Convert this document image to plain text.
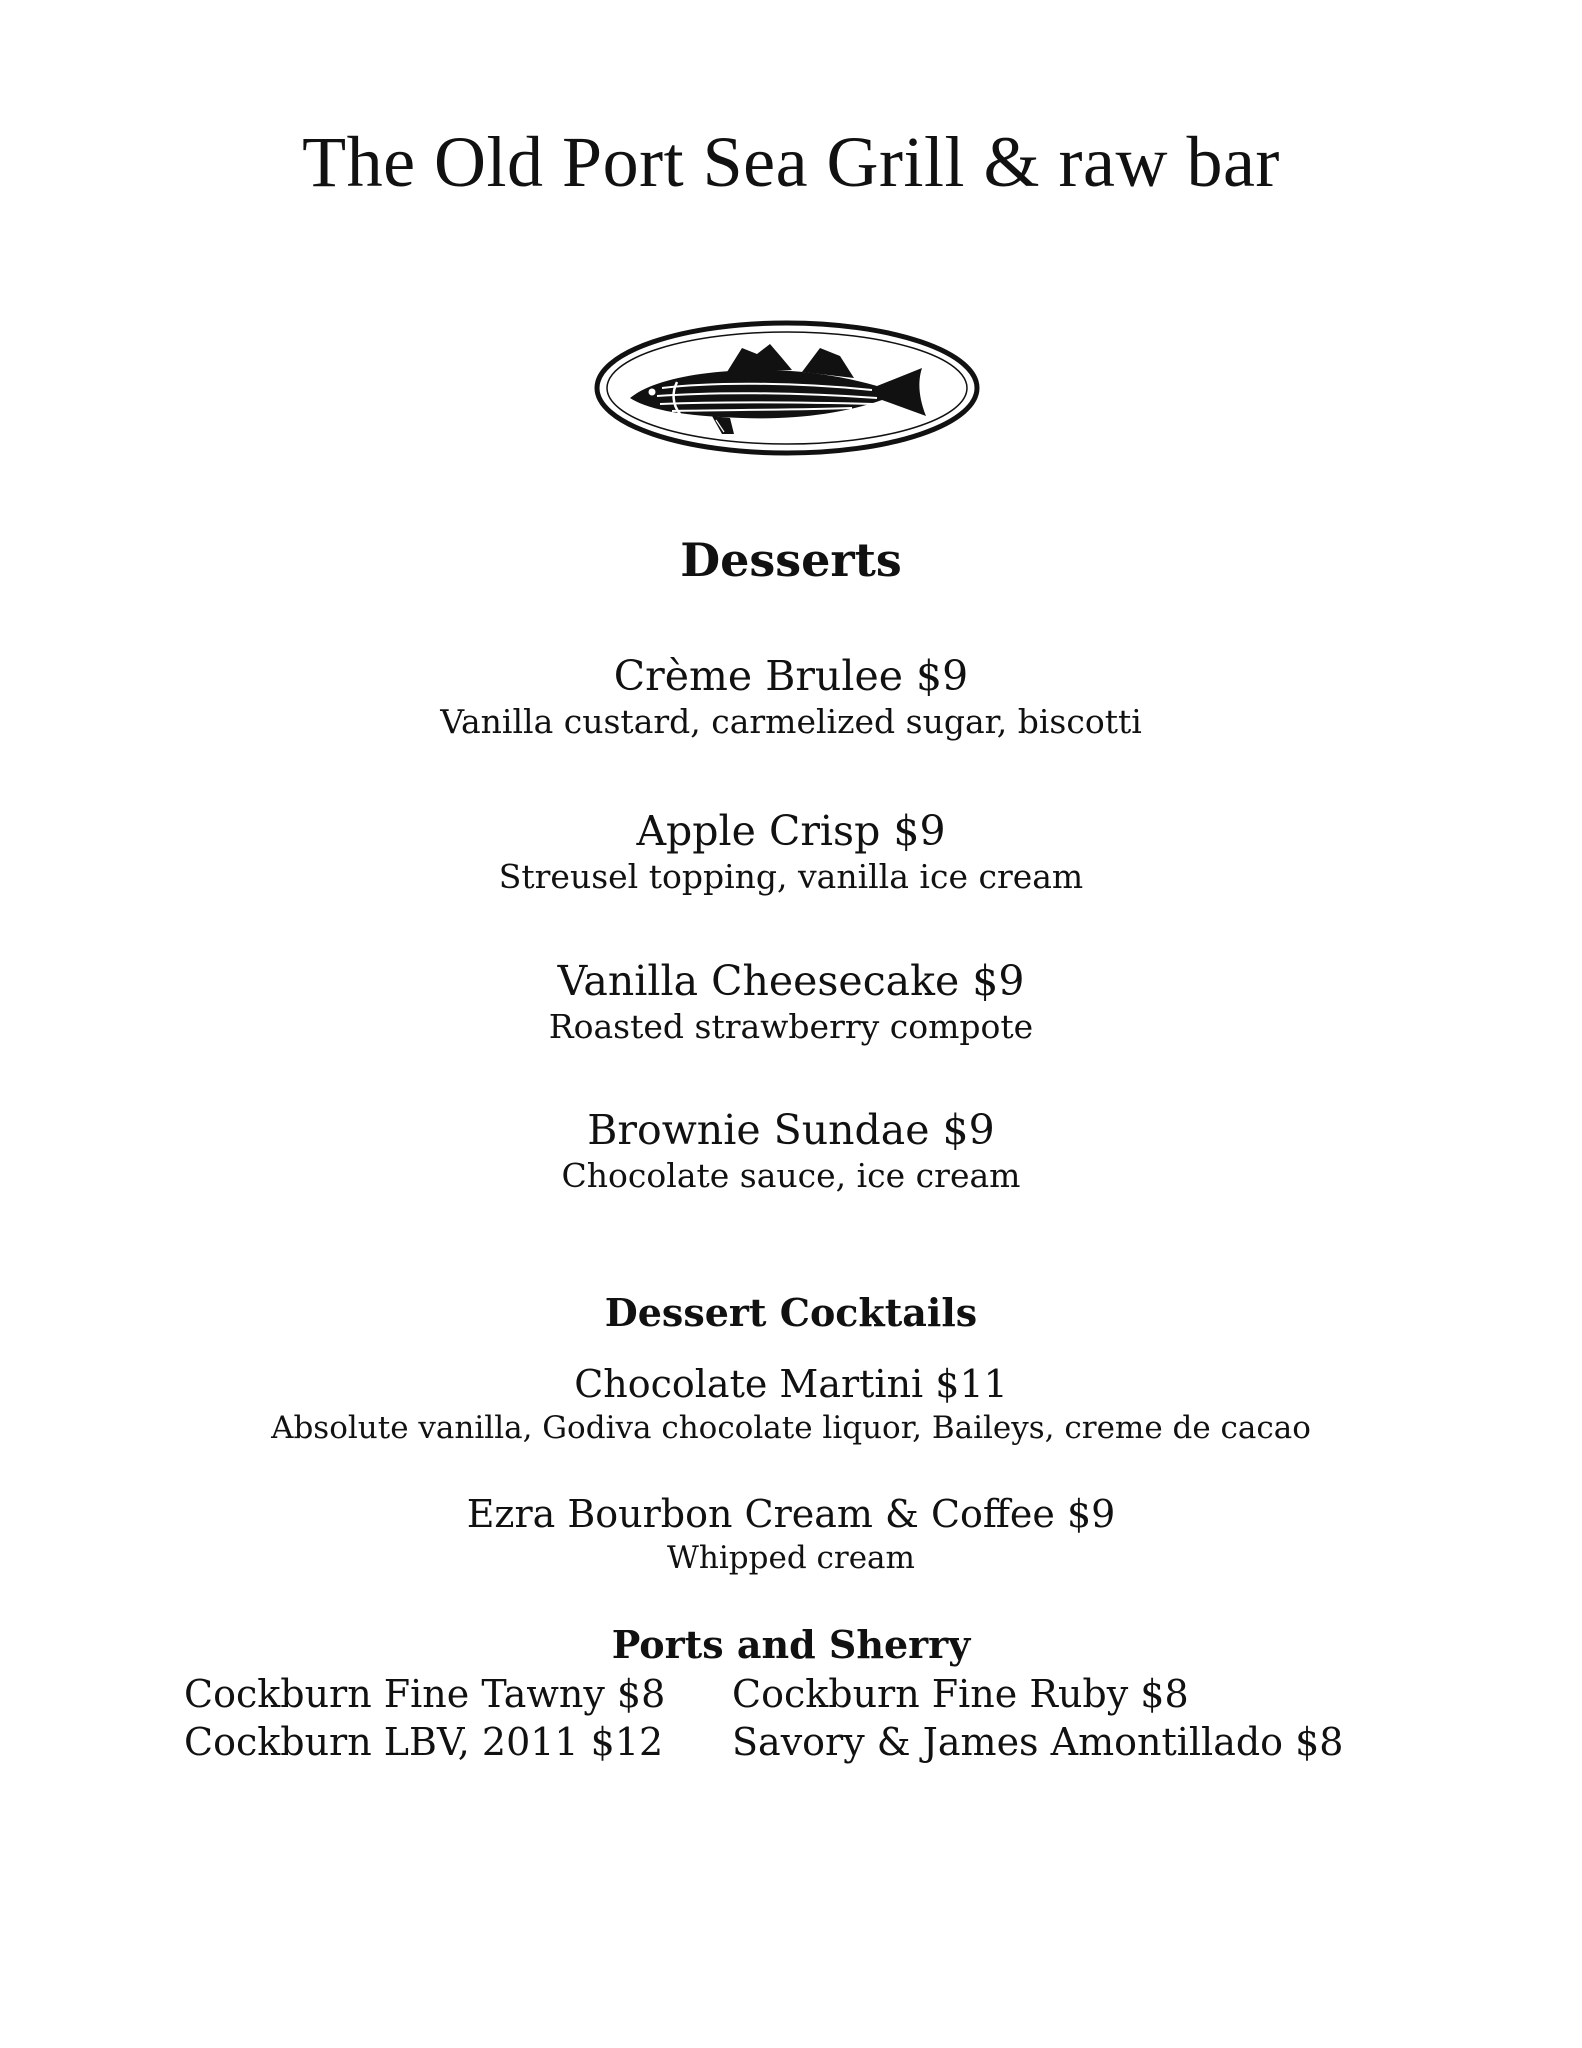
The Old Port Sea Grill & raw bar
Desserts
Crème Brulee $9
Vanilla custard, carmelized sugar, biscotti
Apple Crisp $9
Streusel topping, vanilla ice cream
Vanilla Cheesecake $9
Roasted strawberry compote
Brownie Sundae $9
Chocolate sauce, ice cream
Dessert Cocktails
Chocolate Martini $11
Absolute vanilla, Godiva chocolate liquor, Baileys, creme de cacao
Ezra Bourbon Cream & Coffee $9
Whipped cream
Ports and Sherry
Cockburn Fine Tawny $8	Cockburn Fine Ruby $8
Cockburn LBV, 2011 $12	Savory & James Amontillado $8
